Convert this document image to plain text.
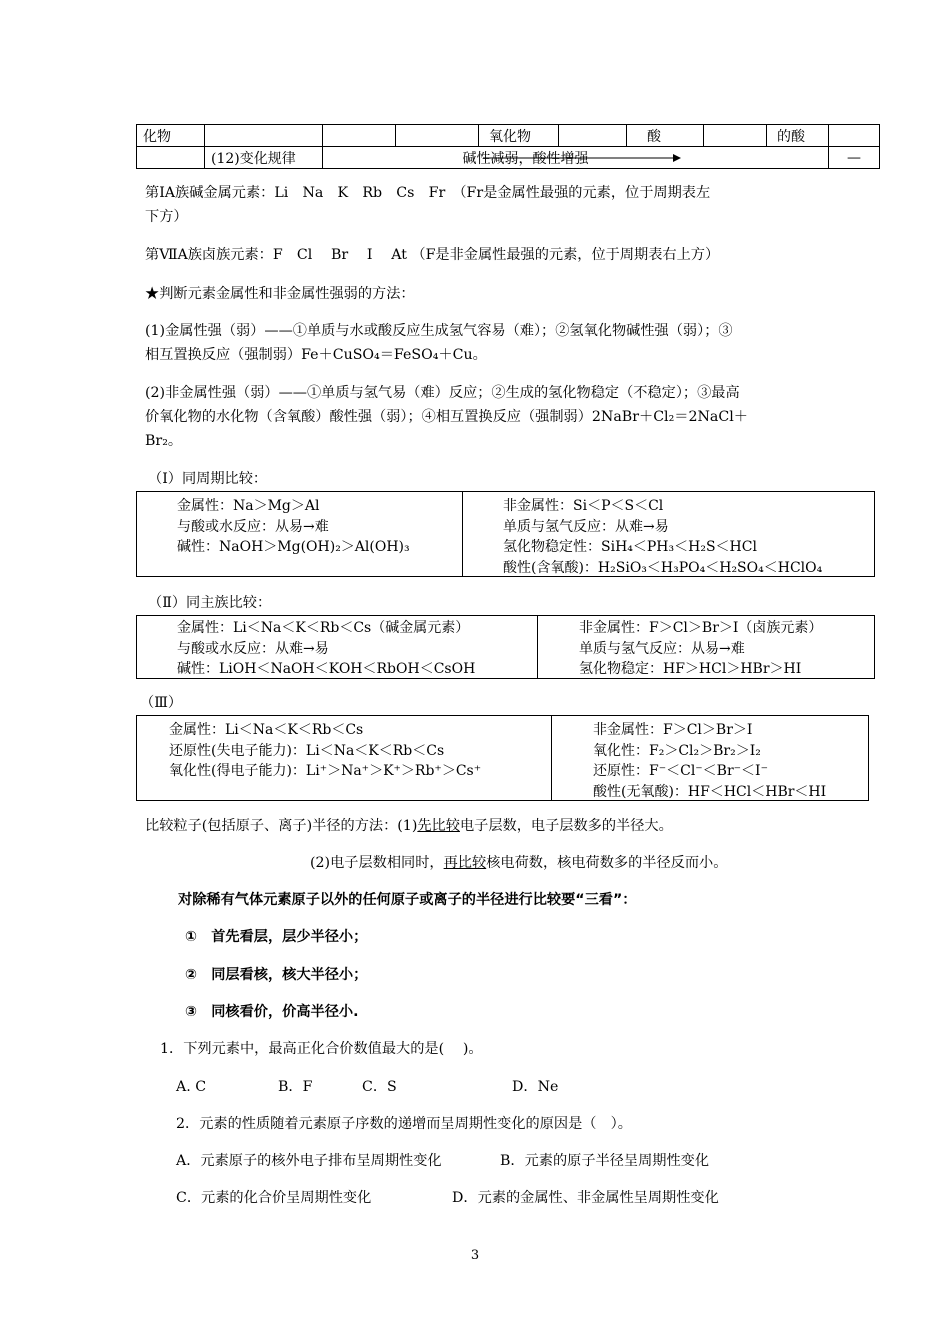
化物				氧化物		酸		的酸	
	(12)变化规律	碱性减弱，酸性增强							—
第ⅠA族碱金属元素：Li　Na　K　Rb　Cs　Fr　（Fr是金属性最强的元素，位于周期表左
下方）
第ⅦA族卤族元素：F　Cl　 Br　 I　 At （F是非金属性最强的元素，位于周期表右上方）
★判断元素金属性和非金属性强弱的方法：
(1)金属性强（弱）——①单质与水或酸反应生成氢气容易（难）；②氢氧化物碱性强（弱）；③
相互置换反应（强制弱）Fe＋CuSO₄＝FeSO₄＋Cu。
(2)非金属性强（弱）——①单质与氢气易（难）反应；②生成的氢化物稳定（不稳定）；③最高
价氧化物的水化物（含氧酸）酸性强（弱）；④相互置换反应（强制弱）2NaBr＋Cl₂＝2NaCl＋
Br₂。
（Ⅰ）同周期比较：
金属性：Na＞Mg＞Al
与酸或水反应：从易→难
碱性：NaOH＞Mg(OH)₂＞Al(OH)₃
非金属性：Si＜P＜S＜Cl
单质与氢气反应：从难→易
氢化物稳定性：SiH₄＜PH₃＜H₂S＜HCl
酸性(含氧酸)：H₂SiO₃＜H₃PO₄＜H₂SO₄＜HClO₄
（Ⅱ）同主族比较：
金属性：Li＜Na＜K＜Rb＜Cs（碱金属元素）
与酸或水反应：从难→易
碱性：LiOH＜NaOH＜KOH＜RbOH＜CsOH
非金属性：F＞Cl＞Br＞I（卤族元素）
单质与氢气反应：从易→难
氢化物稳定：HF＞HCl＞HBr＞HI
（Ⅲ）
金属性：Li＜Na＜K＜Rb＜Cs
还原性(失电子能力)：Li＜Na＜K＜Rb＜Cs
氧化性(得电子能力)：Li⁺＞Na⁺＞K⁺＞Rb⁺＞Cs⁺
非金属性：F＞Cl＞Br＞I
氧化性：F₂＞Cl₂＞Br₂＞I₂
还原性：F⁻＜Cl⁻＜Br⁻＜I⁻
酸性(无氧酸)：HF＜HCl＜HBr＜HI
比较粒子(包括原子、离子)半径的方法：(1)先比较电子层数，电子层数多的半径大。
(2)电子层数相同时，再比较核电荷数，核电荷数多的半径反而小。
对除稀有气体元素原子以外的任何原子或离子的半径进行比较要“三看”：
①　首先看层，层少半径小；
②　同层看核，核大半径小；
③　同核看价，价高半径小.
1．下列元素中，最高正化合价数值最大的是(　 )。
A. C	B．F	C．S	D．Ne
2．元素的性质随着元素原子序数的递增而呈周期性变化的原因是（　）。
A．元素原子的核外电子排布呈周期性变化	B．元素的原子半径呈周期性变化
C．元素的化合价呈周期性变化	D．元素的金属性、非金属性呈周期性变化
3
